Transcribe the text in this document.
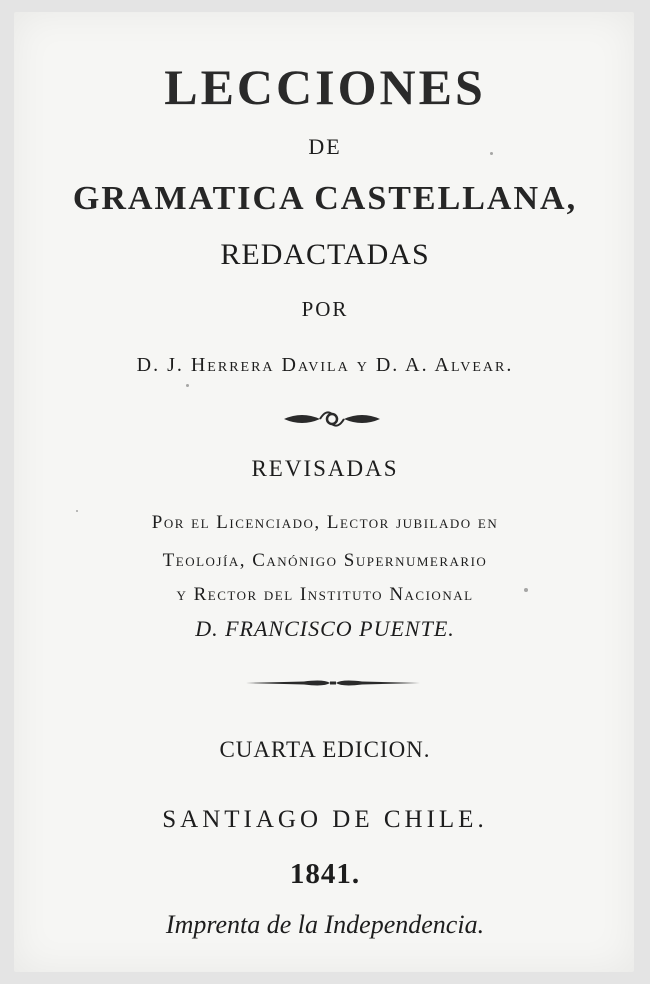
LECCIONES
DE
GRAMATICA CASTELLANA,
REDACTADAS
POR
D. J. Herrera Davila y D. A. Alvear.
REVISADAS
Por el Licenciado, Lector jubilado en
Teolojía, Canónigo Supernumerario
y Rector del Instituto Nacional
D. FRANCISCO PUENTE.
CUARTA EDICION.
SANTIAGO DE CHILE.
1841.
Imprenta de la Independencia.
